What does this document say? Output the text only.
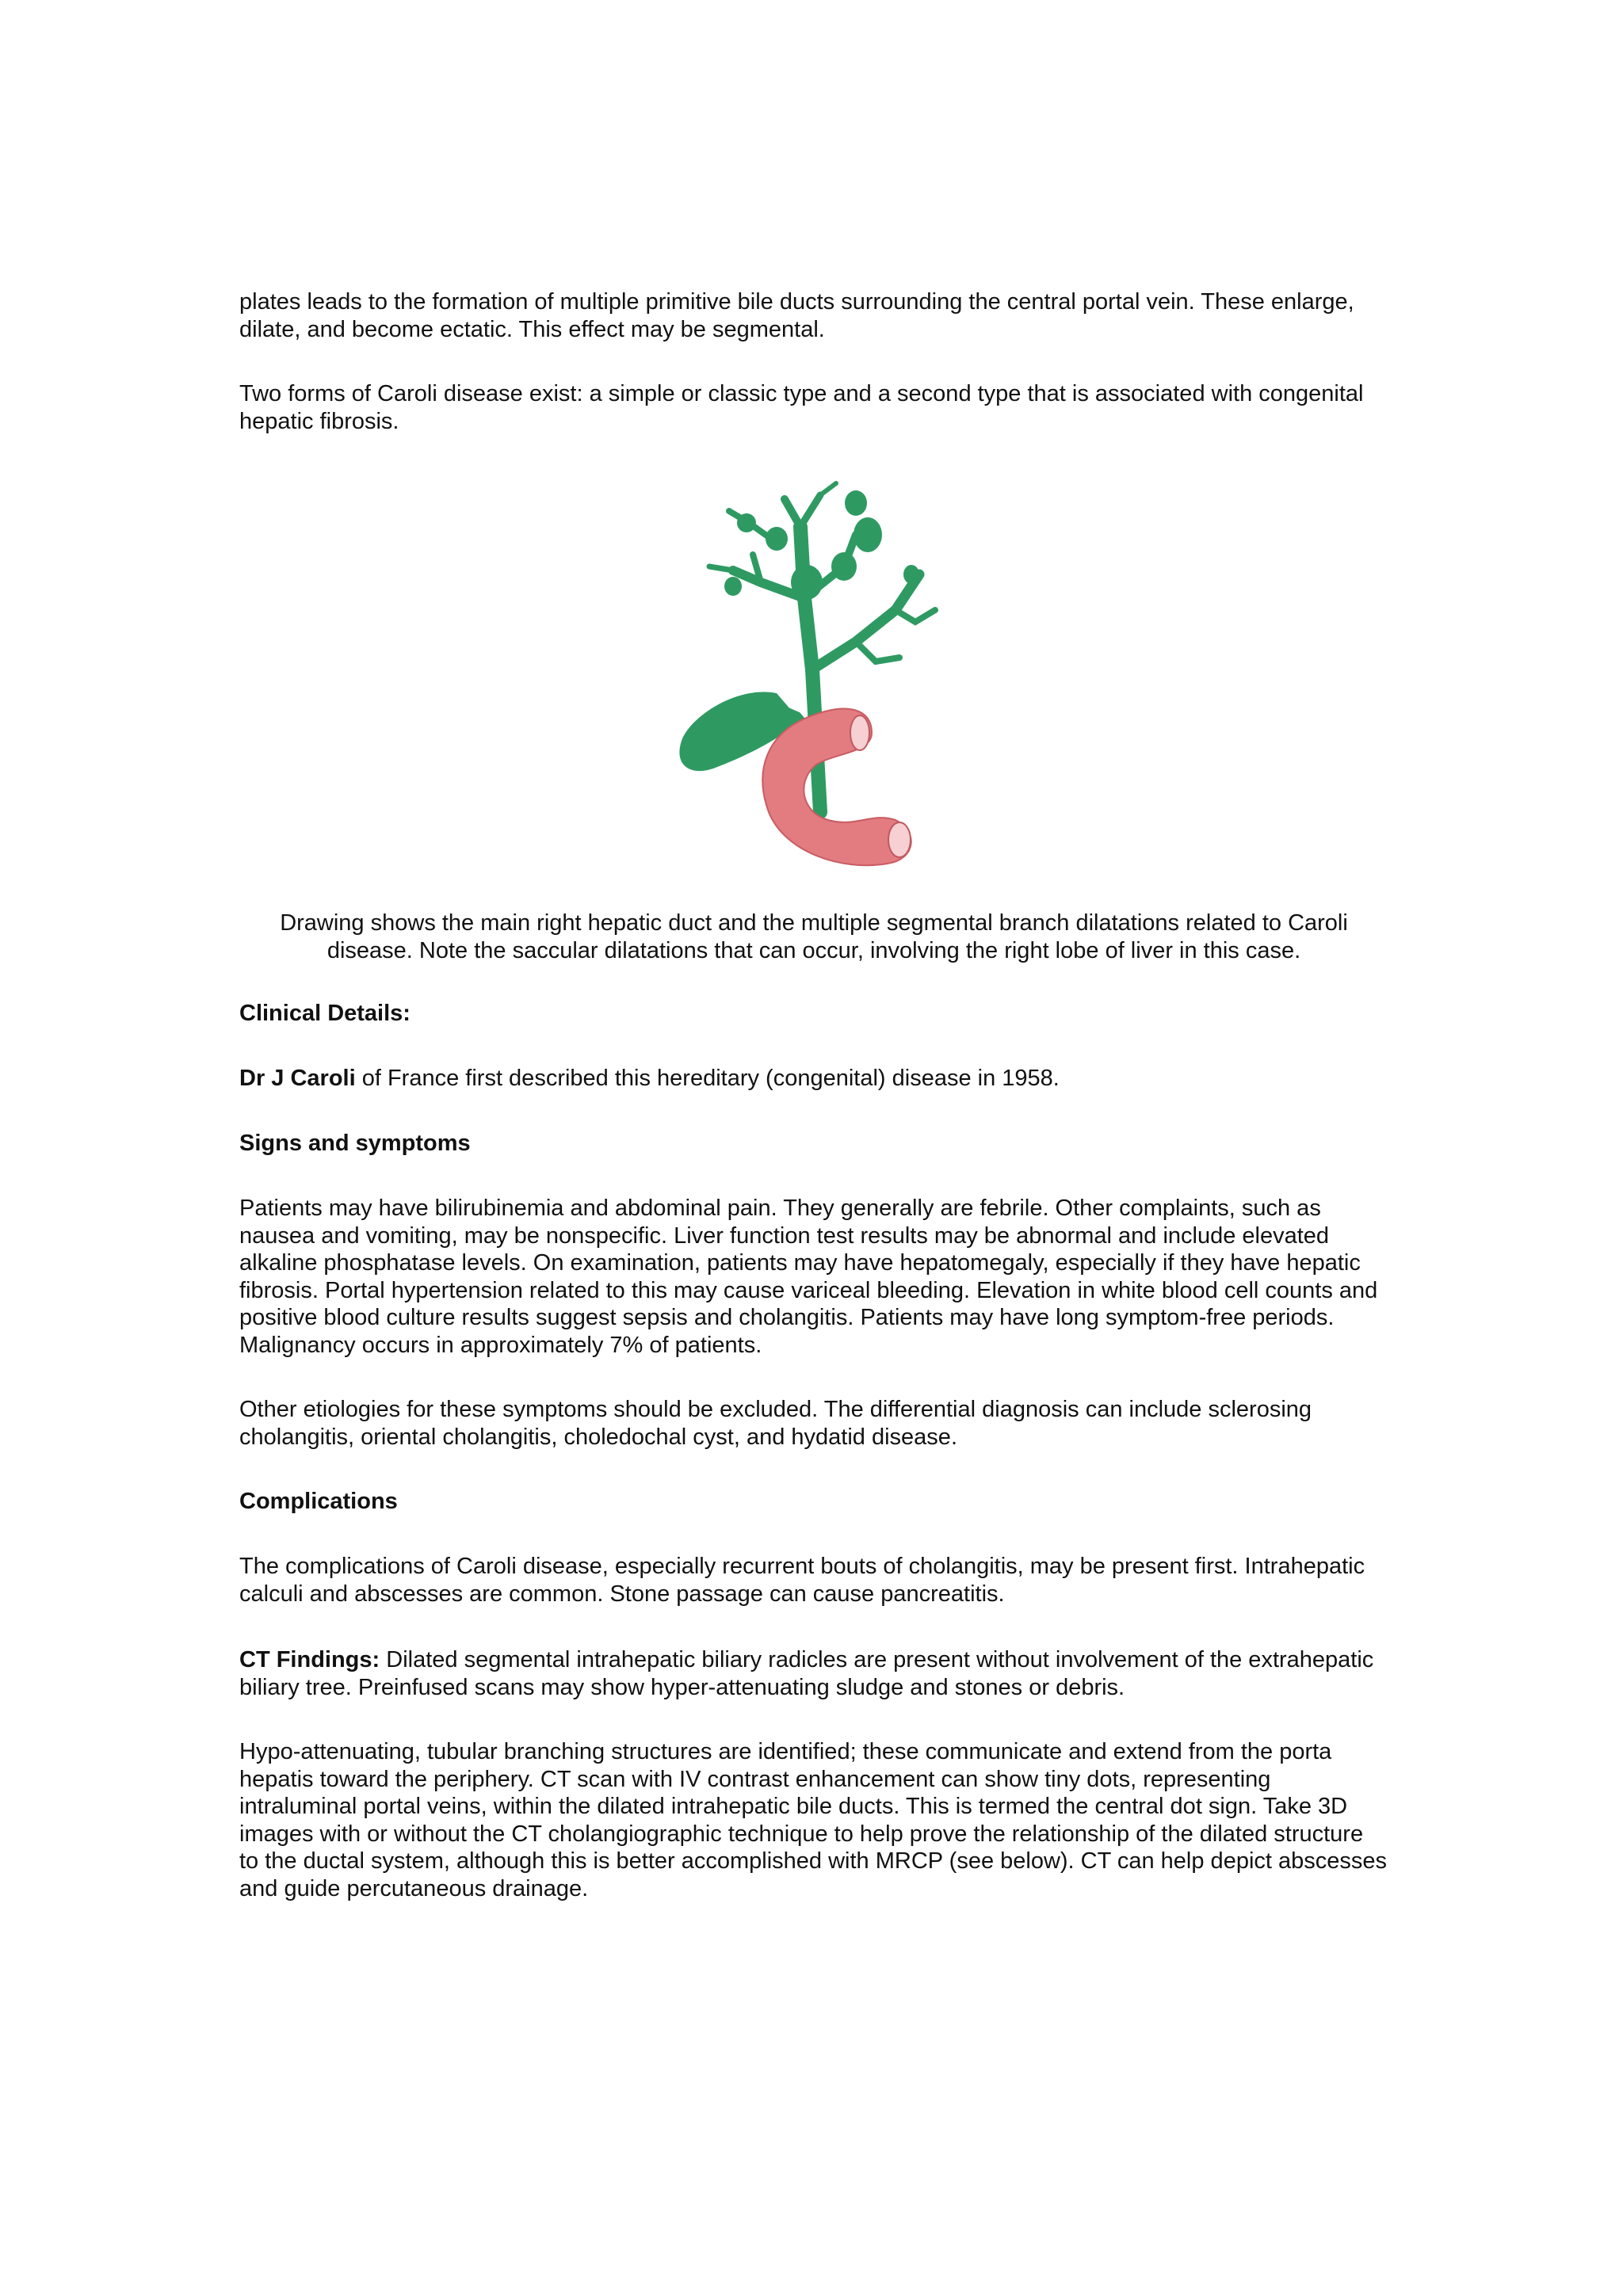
plates leads to the formation of multiple primitive bile ducts surrounding the central portal vein. These enlarge, dilate, and become ectatic. This effect may be segmental.

Two forms of Caroli disease exist: a simple or classic type and a second type that is associated with congenital hepatic fibrosis.

Drawing shows the main right hepatic duct and the multiple segmental branch dilatations related to Caroli disease. Note the saccular dilatations that can occur, involving the right lobe of liver in this case.

Clinical Details:

Dr J Caroli of France first described this hereditary (congenital) disease in 1958.

Signs and symptoms

Patients may have bilirubinemia and abdominal pain. They generally are febrile. Other complaints, such as nausea and vomiting, may be nonspecific. Liver function test results may be abnormal and include elevated alkaline phosphatase levels. On examination, patients may have hepatomegaly, especially if they have hepatic fibrosis. Portal hypertension related to this may cause variceal bleeding. Elevation in white blood cell counts and positive blood culture results suggest sepsis and cholangitis. Patients may have long symptom-free periods. Malignancy occurs in approximately 7% of patients.

Other etiologies for these symptoms should be excluded. The differential diagnosis can include sclerosing cholangitis, oriental cholangitis, choledochal cyst, and hydatid disease.

Complications

The complications of Caroli disease, especially recurrent bouts of cholangitis, may be present first. Intrahepatic calculi and abscesses are common. Stone passage can cause pancreatitis.

CT Findings: Dilated segmental intrahepatic biliary radicles are present without involvement of the extrahepatic biliary tree. Preinfused scans may show hyper-attenuating sludge and stones or debris.

Hypo-attenuating, tubular branching structures are identified; these communicate and extend from the porta hepatis toward the periphery. CT scan with IV contrast enhancement can show tiny dots, representing intraluminal portal veins, within the dilated intrahepatic bile ducts. This is termed the central dot sign. Take 3D images with or without the CT cholangiographic technique to help prove the relationship of the dilated structure to the ductal system, although this is better accomplished with MRCP (see below). CT can help depict abscesses and guide percutaneous drainage.
